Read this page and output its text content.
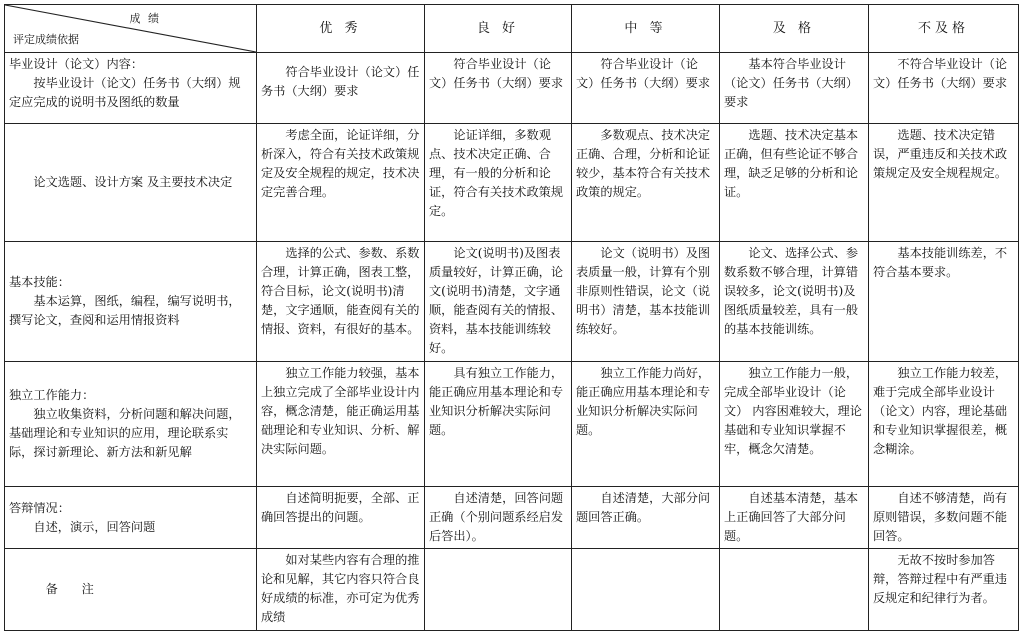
成 绩
评定成绩依据	优 秀	良 好	中 等	及 格	不及格

毕业设计（论文）内容：
按毕业设计（论文）任务书（大纲）规定应完成的说明书及图纸的数量	符合毕业设计（论文）任务书（大纲）要求	符合毕业设计（论文）任务书（大纲）要求	符合毕业设计（论文）任务书（大纲）要求	基本符合毕业设计（论文）任务书（大纲）要求	不符合毕业设计（论文）任务书（大纲）要求

论文选题、设计方案 及主要技术决定	考虑全面，论证详细，分析深入，符合有关技术政策规定及安全规程的规定，技术决定完善合理。	论证详细，多数观点、技术决定正确、合理，有一般的分析和论证，符合有关技术政策规定。	多数观点、技术决定正确、合理，分析和论证较少，基本符合有关技术政策的规定。	选题、技术决定基本正确，但有些论证不够合理，缺乏足够的分析和论证。	选题、技术决定错误，严重违反和关技术政策规定及安全规程规定。

基本技能：
基本运算，图纸，编程，编写说明书，撰写论文，查阅和运用情报资料	选择的公式、参数、系数合理，计算正确，图表工整，符合目标，论文(说明书)清楚，文字通顺，能查阅有关的情报、资料，有很好的基本。	论文(说明书)及图表质量较好，计算正确，论文(说明书)清楚，文字通顺，能查阅有关的情报、资料，基本技能训练较好。	论文（说明书）及图表质量一般，计算有个别非原则性错误，论文（说明书）清楚，基本技能训练较好。	论文、选择公式、参数系数不够合理，计算错误较多，论文(说明书)及图纸质量较差，具有一般的基本技能训练。	基本技能训练差，不符合基本要求。

独立工作能力：
独立收集资料，分析问题和解决问题，基础理论和专业知识的应用，理论联系实际，探讨新理论、新方法和新见解	独立工作能力较强，基本上独立完成了全部毕业设计内容，概念清楚，能正确运用基础理论和专业知识、分析、解决实际问题。	具有独立工作能力，能正确应用基本理论和专业知识分析解决实际问题。	独立工作能力尚好，能正确应用基本理论和专业知识分析解决实际问题。	独立工作能力一般，完成全部毕业设计（论文） 内容困难较大，理论基础和专业知识掌握不牢，概念欠清楚。	独立工作能力较差，难于完成全部毕业设计（论文）内容，理论基础和专业知识掌握很差，概念糊涂。

答辩情况：
自述，演示，回答问题	自述简明扼要，全部、正确回答提出的问题。	自述清楚，回答问题正确（个别问题系经启发后答出）。	自述清楚，大部分问题回答正确。	自述基本清楚，基本上正确回答了大部分问题。	自述不够清楚，尚有原则错误，多数问题不能回答。

备 注	如对某些内容有合理的推论和见解，其它内容只符合良好成绩的标准，亦可定为优秀成绩				无故不按时参加答辩，答辩过程中有严重违反规定和纪律行为者。
